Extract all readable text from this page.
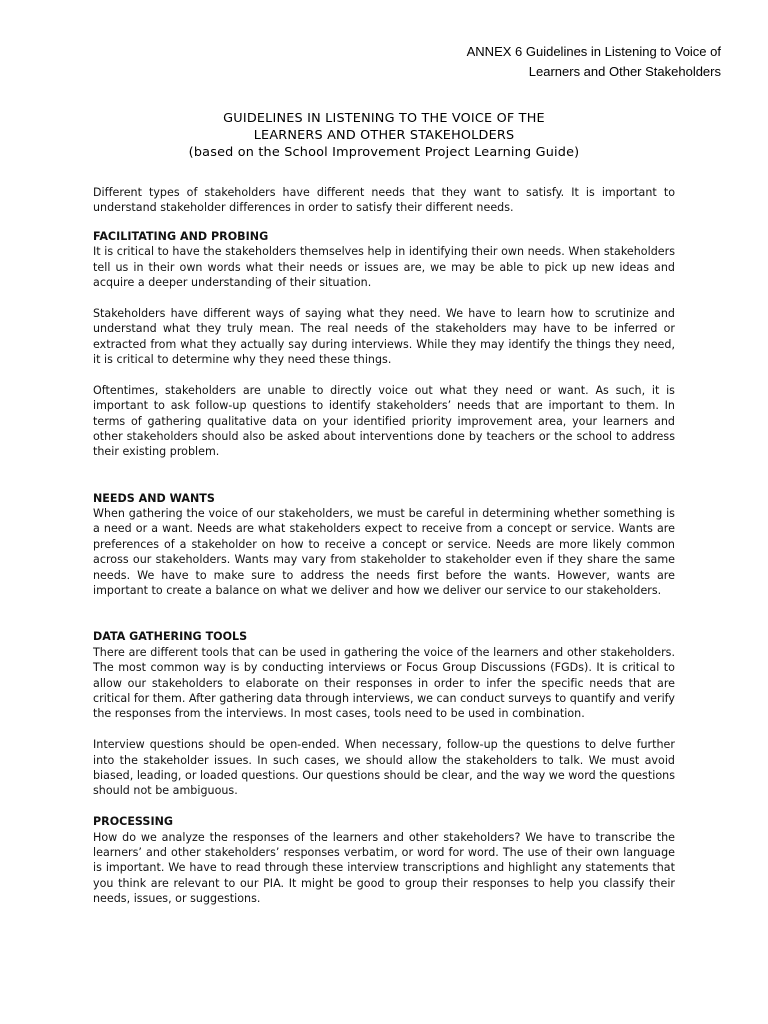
ANNEX 6 Guidelines in Listening to Voice of
Learners and Other Stakeholders
GUIDELINES IN LISTENING TO THE VOICE OF THE
LEARNERS AND OTHER STAKEHOLDERS
(based on the School Improvement Project Learning Guide)

Different types of stakeholders have different needs that they want to satisfy. It is important to understand stakeholder differences in order to satisfy their different needs.

FACILITATING AND PROBING

It is critical to have the stakeholders themselves help in identifying their own needs. When stakeholders tell us in their own words what their needs or issues are, we may be able to pick up new ideas and acquire a deeper understanding of their situation.

Stakeholders have different ways of saying what they need. We have to learn how to scrutinize and understand what they truly mean. The real needs of the stakeholders may have to be inferred or extracted from what they actually say during interviews. While they may identify the things they need, it is critical to determine why they need these things.

Oftentimes, stakeholders are unable to directly voice out what they need or want. As such, it is important to ask follow-up questions to identify stakeholders’ needs that are important to them. In terms of gathering qualitative data on your identified priority improvement area, your learners and other stakeholders should also be asked about interventions done by teachers or the school to address their existing problem.

NEEDS AND WANTS

When gathering the voice of our stakeholders, we must be careful in determining whether something is a need or a want. Needs are what stakeholders expect to receive from a concept or service. Wants are preferences of a stakeholder on how to receive a concept or service. Needs are more likely common across our stakeholders. Wants may vary from stakeholder to stakeholder even if they share the same needs. We have to make sure to address the needs first before the wants. However, wants are important to create a balance on what we deliver and how we deliver our service to our stakeholders.

DATA GATHERING TOOLS

There are different tools that can be used in gathering the voice of the learners and other stakeholders. The most common way is by conducting interviews or Focus Group Discussions (FGDs). It is critical to allow our stakeholders to elaborate on their responses in order to infer the specific needs that are critical for them. After gathering data through interviews, we can conduct surveys to quantify and verify the responses from the interviews. In most cases, tools need to be used in combination.

Interview questions should be open-ended. When necessary, follow-up the questions to delve further into the stakeholder issues. In such cases, we should allow the stakeholders to talk. We must avoid biased, leading, or loaded questions. Our questions should be clear, and the way we word the questions should not be ambiguous.

PROCESSING

How do we analyze the responses of the learners and other stakeholders? We have to transcribe the learners’ and other stakeholders’ responses verbatim, or word for word. The use of their own language is important. We have to read through these interview transcriptions and highlight any statements that you think are relevant to our PIA. It might be good to group their responses to help you classify their needs, issues, or suggestions.
